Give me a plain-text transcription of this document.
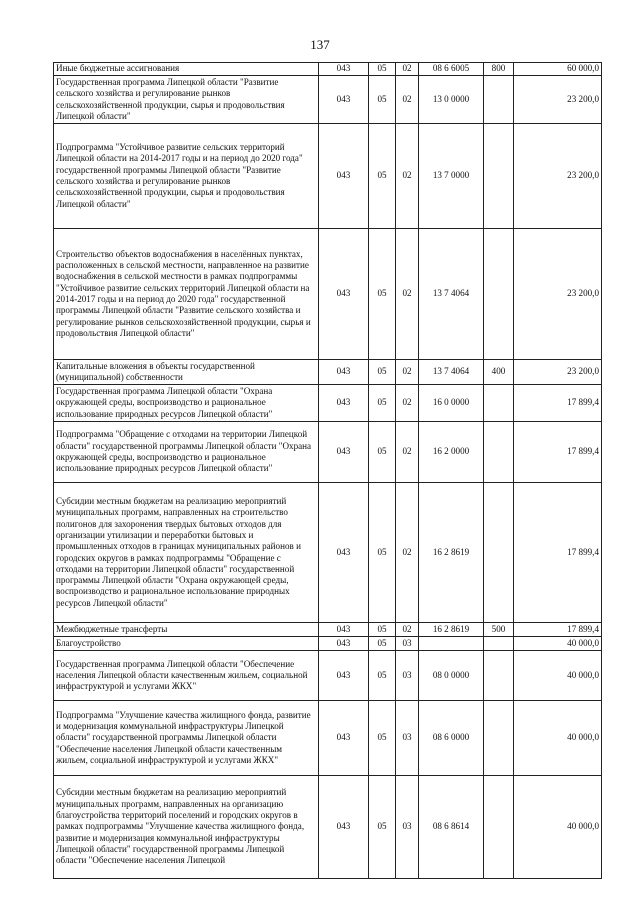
137
Иные бюджетные ассигнования	043	05	02	08 6 6005	800	60 000,0
Государственная программа Липецкой области "Развитие сельского хозяйства и регулирование рынков сельскохозяйственной продукции, сырья и продовольствия Липецкой области"	043	05	02	13 0 0000		23 200,0
Подпрограмма "Устойчивое развитие сельских территорий Липецкой области на 2014-2017 годы и на период до 2020 года" государственной программы Липецкой области "Развитие сельского хозяйства и регулирование рынков сельскохозяйственной продукции, сырья и продовольствия Липецкой области"	043	05	02	13 7 0000		23 200,0
Строительство объектов водоснабжения в населённых пунктах, расположенных в сельской местности, направленное на развитие водоснабжения в сельской местности в рамках подпрограммы "Устойчивое развитие сельских территорий Липецкой области на 2014-2017 годы и на период до 2020 года" государственной программы Липецкой области "Развитие сельского хозяйства и регулирование рынков сельскохозяйственной продукции, сырья и продовольствия Липецкой области"	043	05	02	13 7 4064		23 200,0
Капитальные вложения в объекты государственной (муниципальной) собственности	043	05	02	13 7 4064	400	23 200,0
Государственная программа Липецкой области "Охрана окружающей среды, воспроизводство и рациональное использование природных ресурсов Липецкой области"	043	05	02	16 0 0000		17 899,4
Подпрограмма "Обращение с отходами на территории Липецкой области" государственной программы Липецкой области "Охрана окружающей среды, воспроизводство и рациональное использование природных ресурсов Липецкой области"	043	05	02	16 2 0000		17 899,4
Субсидии местным бюджетам на реализацию мероприятий муниципальных программ, направленных на строительство полигонов для захоронения твердых бытовых отходов для организации утилизации и переработки бытовых и промышленных отходов в границах муниципальных районов и городских округов в рамках подпрограммы "Обращение с отходами на территории Липецкой области" государственной программы Липецкой области "Охрана окружающей среды, воспроизводство и рациональное использование природных ресурсов Липецкой области"	043	05	02	16 2 8619		17 899,4
Межбюджетные трансферты	043	05	02	16 2 8619	500	17 899,4
Благоустройство	043	05	03			40 000,0
Государственная программа Липецкой области "Обеспечение населения Липецкой области качественным жильем, социальной инфраструктурой и услугами ЖКХ"	043	05	03	08 0 0000		40 000,0
Подпрограмма "Улучшение качества жилищного фонда, развитие и модернизация коммунальной инфраструктуры Липецкой области" государственной программы Липецкой области "Обеспечение населения Липецкой области качественным жильем, социальной инфраструктурой и услугами ЖКХ"	043	05	03	08 6 0000		40 000,0
Субсидии местным бюджетам на реализацию мероприятий муниципальных программ, направленных на организацию благоустройства территорий поселений и городских округов в рамках подпрограммы "Улучшение качества жилищного фонда, развитие и модернизация коммунальной инфраструктуры Липецкой области" государственной программы Липецкой области "Обеспечение населения Липецкой	043	05	03	08 6 8614		40 000,0
